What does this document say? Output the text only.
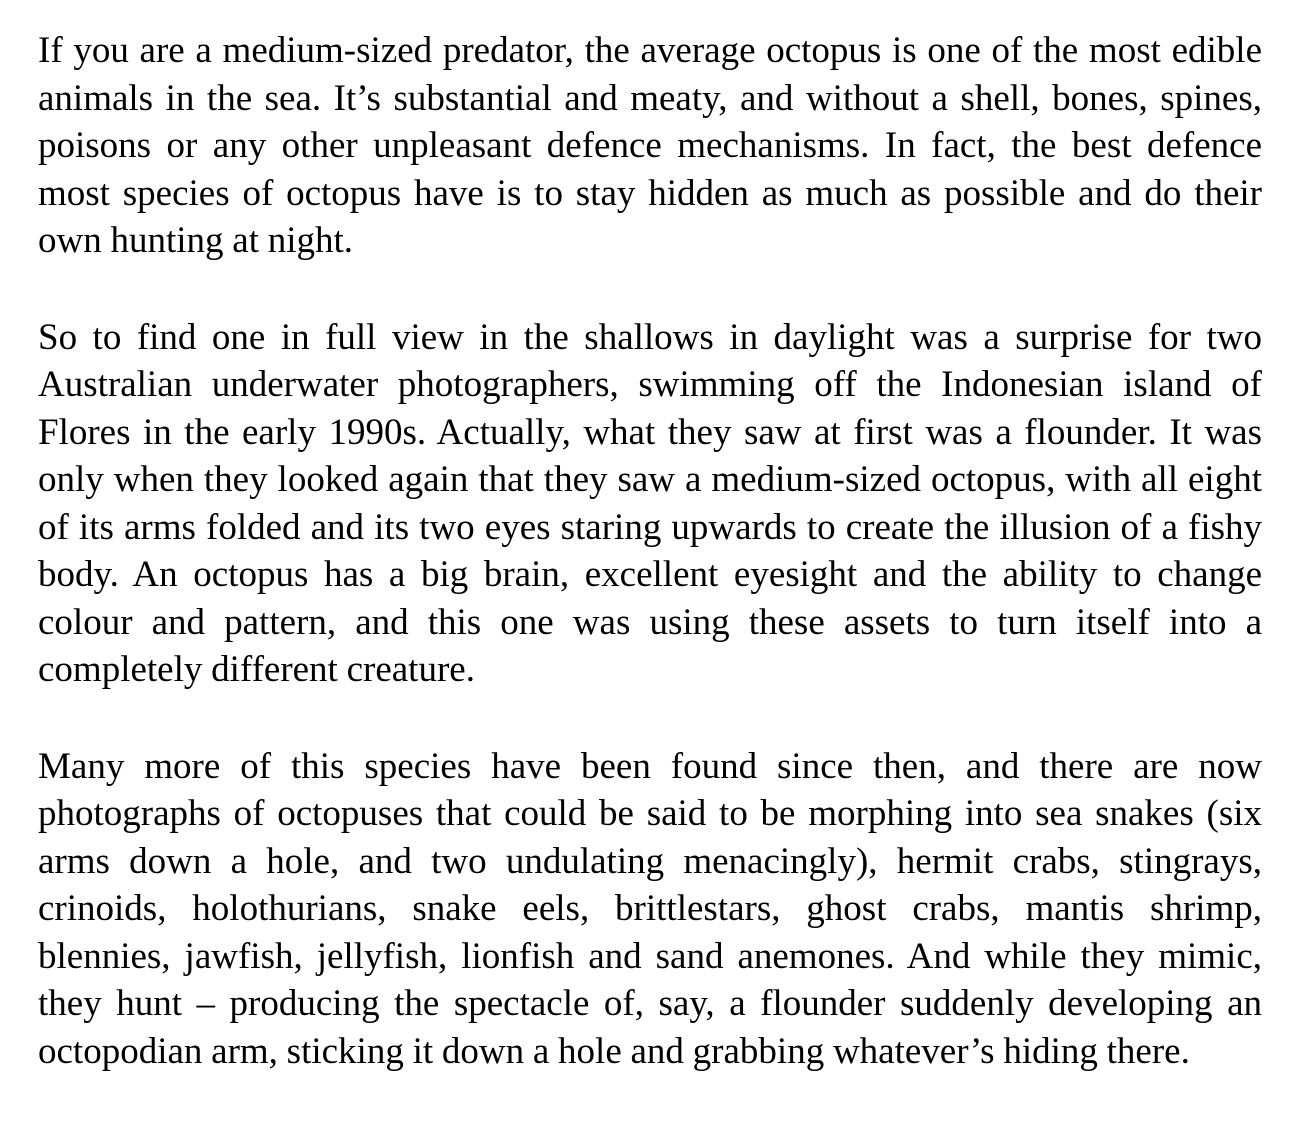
If you are a medium-sized predator, the average octopus is one of the most edible animals in the sea. It’s substantial and meaty, and without a shell, bones, spines, poisons or any other unpleasant defence mechanisms. In fact, the best defence most species of octopus have is to stay hidden as much as possible and do their own hunting at night.

So to find one in full view in the shallows in daylight was a surprise for two Australian underwater photographers, swimming off the Indonesian island of Flores in the early 1990s. Actually, what they saw at first was a flounder. It was only when they looked again that they saw a medium-sized octopus, with all eight of its arms folded and its two eyes staring upwards to create the illusion of a fishy body. An octopus has a big brain, excellent eyesight and the ability to change colour and pattern, and this one was using these assets to turn itself into a completely different creature.

Many more of this species have been found since then, and there are now photographs of octopuses that could be said to be morphing into sea snakes (six arms down a hole, and two undulating menacingly), hermit crabs, stingrays, crinoids, holothurians, snake eels, brittlestars, ghost crabs, mantis shrimp, blennies, jawfish, jellyfish, lionfish and sand anemones. And while they mimic, they hunt – producing the spectacle of, say, a flounder suddenly developing an octopodian arm, sticking it down a hole and grabbing whatever’s hiding there.
